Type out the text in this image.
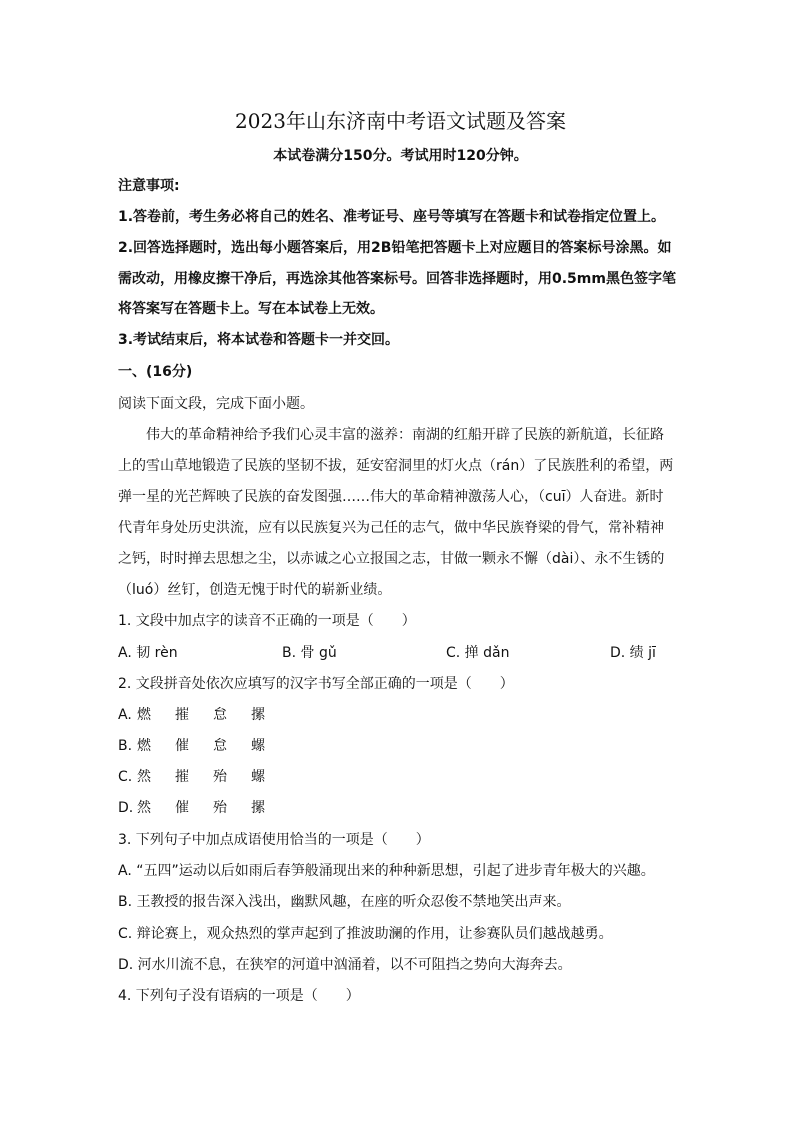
2023年山东济南中考语文试题及答案
本试卷满分150分。考试用时120分钟。
注意事项:
1.答卷前，考生务必将自己的姓名、准考证号、座号等填写在答题卡和试卷指定位置上。
2.回答选择题时，选出每小题答案后，用2B铅笔把答题卡上对应题目的答案标号涂黑。如
需改动，用橡皮擦干净后，再选涂其他答案标号。回答非选择题时，用0.5mm黑色签字笔
将答案写在答题卡上。写在本试卷上无效。
3.考试结束后，将本试卷和答题卡一并交回。
一、(16分)
阅读下面文段，完成下面小题。
　　伟大的革命精神给予我们心灵丰富的滋养：南湖的红船开辟了民族的新航道，长征路
上的雪山草地锻造了民族的坚韧不拔，延安窑洞里的灯火点（rán）了民族胜利的希望，两
弹一星的光芒辉映了民族的奋发图强……伟大的革命精神激荡人心，（cuī）人奋进。新时
代青年身处历史洪流，应有以民族复兴为己任的志气，做中华民族脊梁的骨气，常补精神
之钙，时时掸去思想之尘，以赤诚之心立报国之志，甘做一颗永不懈（dài）、永不生锈的
（luó）丝钉，创造无愧于时代的崭新业绩。
1. 文段中加点字的读音不正确的一项是（　　）
A. 韧 rèn	B. 骨 gǔ	C. 掸 dǎn	D. 绩 jī
2. 文段拼音处依次应填写的汉字书写全部正确的一项是（　　）
A. 燃 摧 怠 摞
B. 燃 催 怠 螺
C. 然 摧 殆 螺
D. 然 催 殆 摞
3. 下列句子中加点成语使用恰当的一项是（　　）
A. “五四”运动以后如雨后春笋般涌现出来的种种新思想，引起了进步青年极大的兴趣。
B. 王教授的报告深入浅出，幽默风趣，在座的听众忍俊不禁地笑出声来。
C. 辩论赛上，观众热烈的掌声起到了推波助澜的作用，让参赛队员们越战越勇。
D. 河水川流不息，在狭窄的河道中汹涌着，以不可阻挡之势向大海奔去。
4. 下列句子没有语病的一项是（　　）
